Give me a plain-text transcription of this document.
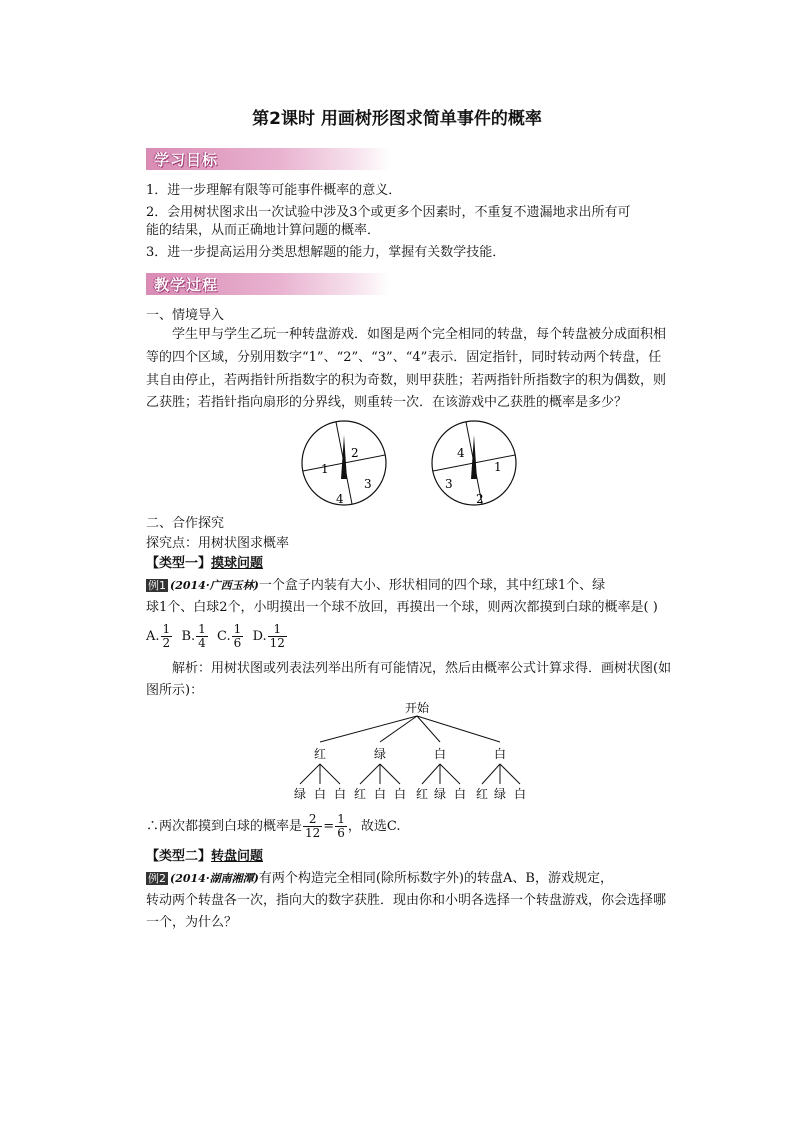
第2课时 用画树形图求简单事件的概率
学习目标
1．进一步理解有限等可能事件概率的意义．
2．会用树状图求出一次试验中涉及3个或更多个因素时，不重复不遗漏地求出所有可
能的结果，从而正确地计算问题的概率．
3．进一步提高运用分类思想解题的能力，掌握有关数学技能．
教学过程
一、情境导入
学生甲与学生乙玩一种转盘游戏．如图是两个完全相同的转盘，每个转盘被分成面积相
等的四个区域，分别用数字“1”、“2”、“3”、“4”表示．固定指针，同时转动两个转盘，任
其自由停止，若两指针所指数字的积为奇数，则甲获胜；若两指针所指数字的积为偶数，则
乙获胜；若指针指向扇形的分界线，则重转一次．在该游戏中乙获胜的概率是多少？
1
2
3
4
4
1
2
3
二、合作探究
探究点：用树状图求概率
【类型一】摸球问题
例1 (2014·广西玉林)一个盒子内装有大小、形状相同的四个球，其中红球1个、绿
球1个、白球2个，小明摸出一个球不放回，再摸出一个球，则两次都摸到白球的概率是( )
A. $\frac{1}{2} B$. $\frac{1}{4} C$. $\frac{1}{6} D$. $\frac{1}{12}$
解析：用树状图或列表法列举出所有可能情况，然后由概率公式计算求得．画树状图(如
图所示)：
开始
红	绿	白	白
绿 白 白 红 白 白 红 绿 白 红 绿 白
∴两次都摸到白球的概率是 $\frac{2}{12} = \frac{1}{6}$ ，故选C.
【类型二】转盘问题
例2 (2014·湖南湘潭)有两个构造完全相同(除所标数字外)的转盘A、B，游戏规定，
转动两个转盘各一次，指向大的数字获胜．现由你和小明各选择一个转盘游戏，你会选择哪
一个，为什么？
